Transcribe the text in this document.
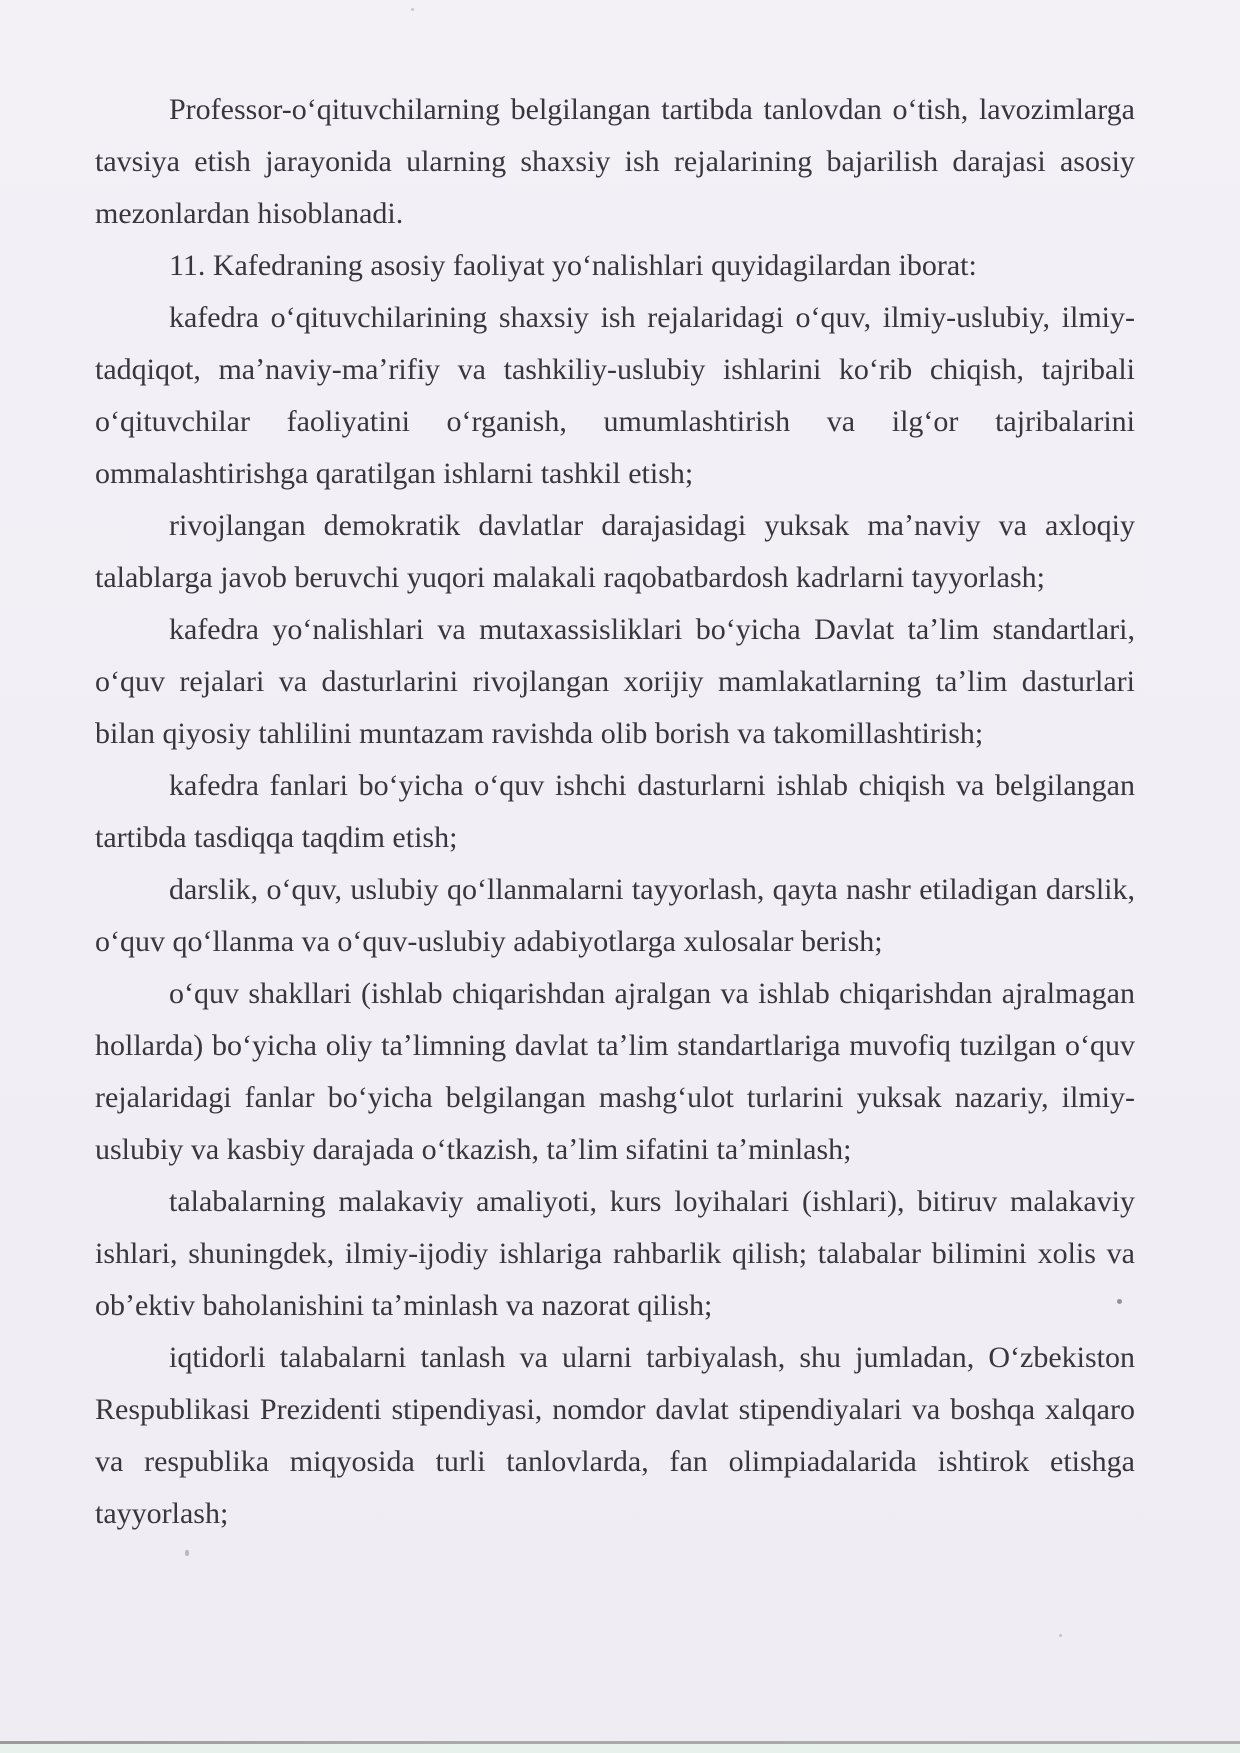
Professor-oʻqituvchilarning belgilangan tartibda tanlovdan oʻtish, lavozimlarga
tavsiya etish jarayonida ularning shaxsiy ish rejalarining bajarilish darajasi asosiy
mezonlardan hisoblanadi.
11. Kafedraning asosiy faoliyat yoʻnalishlari quyidagilardan iborat:
kafedra oʻqituvchilarining shaxsiy ish rejalaridagi oʻquv, ilmiy-uslubiy, ilmiy-
tadqiqot, maʼnaviy-maʼrifiy va tashkiliy-uslubiy ishlarini koʻrib chiqish, tajribali
oʻqituvchilar faoliyatini oʻrganish, umumlashtirish va ilgʻor tajribalarini
ommalashtirishga qaratilgan ishlarni tashkil etish;
rivojlangan demokratik davlatlar darajasidagi yuksak maʼnaviy va axloqiy
talablarga javob beruvchi yuqori malakali raqobatbardosh kadrlarni tayyorlash;
kafedra yoʻnalishlari va mutaxassisliklari boʻyicha Davlat taʼlim standartlari,
oʻquv rejalari va dasturlarini rivojlangan xorijiy mamlakatlarning taʼlim dasturlari
bilan qiyosiy tahlilini muntazam ravishda olib borish va takomillashtirish;
kafedra fanlari boʻyicha oʻquv ishchi dasturlarni ishlab chiqish va belgilangan
tartibda tasdiqqa taqdim etish;
darslik, oʻquv, uslubiy qoʻllanmalarni tayyorlash, qayta nashr etiladigan darslik,
oʻquv qoʻllanma va oʻquv-uslubiy adabiyotlarga xulosalar berish;
oʻquv shakllari (ishlab chiqarishdan ajralgan va ishlab chiqarishdan ajralmagan
hollarda) boʻyicha oliy taʼlimning davlat taʼlim standartlariga muvofiq tuzilgan oʻquv
rejalaridagi fanlar boʻyicha belgilangan mashgʻulot turlarini yuksak nazariy, ilmiy-
uslubiy va kasbiy darajada oʻtkazish, taʼlim sifatini taʼminlash;
talabalarning malakaviy amaliyoti, kurs loyihalari (ishlari), bitiruv malakaviy
ishlari, shuningdek, ilmiy-ijodiy ishlariga rahbarlik qilish; talabalar bilimini xolis va
obʼektiv baholanishini taʼminlash va nazorat qilish;
iqtidorli talabalarni tanlash va ularni tarbiyalash, shu jumladan, Oʻzbekiston
Respublikasi Prezidenti stipendiyasi, nomdor davlat stipendiyalari va boshqa xalqaro
va respublika miqyosida turli tanlovlarda, fan olimpiadalarida ishtirok etishga
tayyorlash;
